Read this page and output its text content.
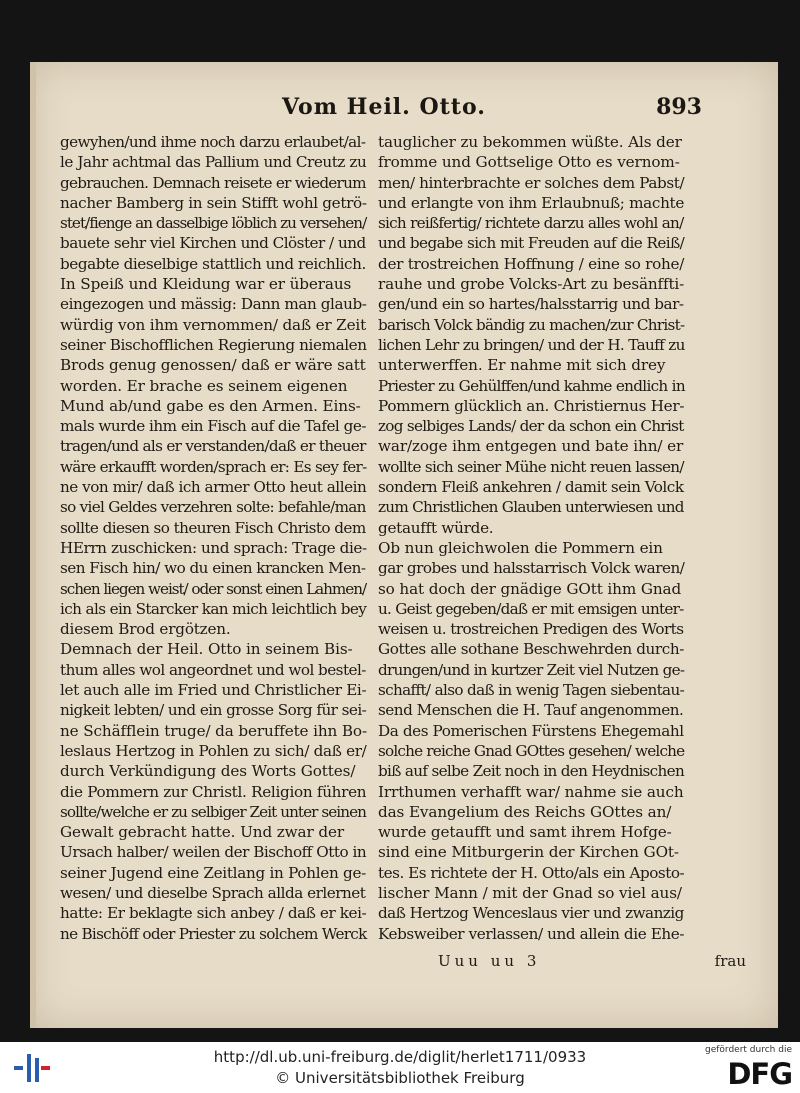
Vom Heil. Otto.	893
gewyhen/und ihme noch darzu erlaubet/al-
le Jahr achtmal das Pallium und Creutz zu
gebrauchen. Demnach reisete er wiederum
nacher Bamberg in sein Stifft wohl getrö-
stet/fienge an dasselbige löblich zu versehen/
bauete sehr viel Kirchen und Clöster / und
begabte dieselbige stattlich und reichlich.
In Speiß und Kleidung war er überaus
eingezogen und mässig: Dann man glaub-
würdig von ihm vernommen/ daß er Zeit
seiner Bischofflichen Regierung niemalen
Brods genug genossen/ daß er wäre satt
worden. Er brache es seinem eigenen
Mund ab/und gabe es den Armen. Eins-
mals wurde ihm ein Fisch auf die Tafel ge-
tragen/und als er verstanden/daß er theuer
wäre erkaufft worden/sprach er: Es sey fer-
ne von mir/ daß ich armer Otto heut allein
so viel Geldes verzehren solte: befahle/man
sollte diesen so theuren Fisch Christo dem
HErrn zuschicken: und sprach: Trage die-
sen Fisch hin/ wo du einen krancken Men-
schen liegen weist/ oder sonst einen Lahmen/
ich als ein Starcker kan mich leichtlich bey
diesem Brod ergötzen.
Demnach der Heil. Otto in seinem Bis-
thum alles wol angeordnet und wol bestel-
let auch alle im Fried und Christlicher Ei-
nigkeit lebten/ und ein grosse Sorg für sei-
ne Schäfflein truge/ da beruffete ihn Bo-
leslaus Hertzog in Pohlen zu sich/ daß er/
durch Verkündigung des Worts Gottes/
die Pommern zur Christl. Religion führen
sollte/welche er zu selbiger Zeit unter seinen
Gewalt gebracht hatte. Und zwar der
Ursach halber/ weilen der Bischoff Otto in
seiner Jugend eine Zeitlang in Pohlen ge-
wesen/ und dieselbe Sprach allda erlernet
hatte: Er beklagte sich anbey / daß er kei-
ne Bischöff oder Priester zu solchem Werck
tauglicher zu bekommen wüßte. Als der
fromme und Gottselige Otto es vernom-
men/ hinterbrachte er solches dem Pabst/
und erlangte von ihm Erlaubnuß; machte
sich reißfertig/ richtete darzu alles wohl an/
und begabe sich mit Freuden auf die Reiß/
der trostreichen Hoffnung / eine so rohe/
rauhe und grobe Volcks-Art zu besänffti-
gen/und ein so hartes/halsstarrig und bar-
barisch Volck bändig zu machen/zur Christ-
lichen Lehr zu bringen/ und der H. Tauff zu
unterwerffen. Er nahme mit sich drey
Priester zu Gehülffen/und kahme endlich in
Pommern glücklich an. Christiernus Her-
zog selbiges Lands/ der da schon ein Christ
war/zoge ihm entgegen und bate ihn/ er
wollte sich seiner Mühe nicht reuen lassen/
sondern Fleiß ankehren / damit sein Volck
zum Christlichen Glauben unterwiesen und
getaufft würde.
Ob nun gleichwolen die Pommern ein
gar grobes und halsstarrisch Volck waren/
so hat doch der gnädige GOtt ihm Gnad
u. Geist gegeben/daß er mit emsigen unter-
weisen u. trostreichen Predigen des Worts
Gottes alle sothane Beschwehrden durch-
drungen/und in kurtzer Zeit viel Nutzen ge-
schafft/ also daß in wenig Tagen siebentau-
send Menschen die H. Tauf angenommen.
Da des Pomerischen Fürstens Ehegemahl
solche reiche Gnad GOttes gesehen/ welche
biß auf selbe Zeit noch in den Heydnischen
Irrthumen verhafft war/ nahme sie auch
das Evangelium des Reichs GOttes an/
wurde getaufft und samt ihrem Hofge-
sind eine Mitburgerin der Kirchen GOt-
tes. Es richtete der H. Otto/als ein Aposto-
lischer Mann / mit der Gnad so viel aus/
daß Hertzog Wenceslaus vier und zwanzig
Kebsweiber verlassen/ und allein die Ehe-
Uuu uu 3	frau
http://dl.ub.uni-freiburg.de/diglit/herlet1711/0933
© Universitätsbibliothek Freiburg
gefördert durch die
DFG
